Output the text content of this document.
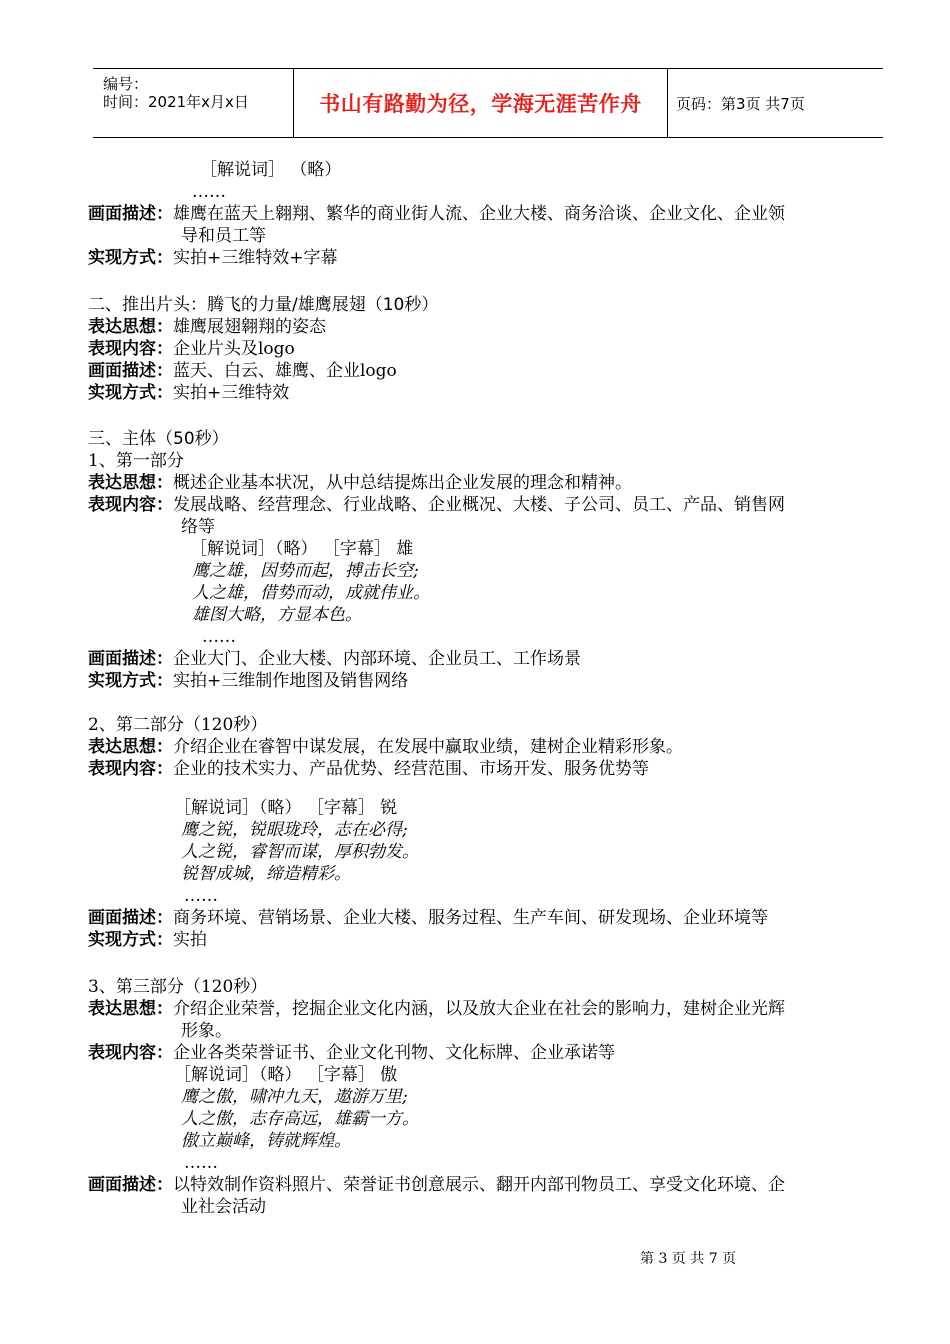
编号：
时间：2021年x月x日	书山有路勤为径，学海无涯苦作舟 页码：第3页 共7页
［解说词］ （略）
……
画面描述：雄鹰在蓝天上翱翔、繁华的商业街人流、企业大楼、商务洽谈、企业文化、企业领
导和员工等
实现方式：实拍+三维特效+字幕
二、推出片头：腾飞的力量/雄鹰展翅（10秒）
表达思想：雄鹰展翅翱翔的姿态
表现内容：企业片头及logo
画面描述：蓝天、白云、雄鹰、企业logo
实现方式：实拍+三维特效
三、主体（50秒）
1、第一部分
表达思想：概述企业基本状况，从中总结提炼出企业发展的理念和精神。
表现内容：发展战略、经营理念、行业战略、企业概况、大楼、子公司、员工、产品、销售网
络等
［解说词］（略） ［字幕］ 雄
鹰之雄，因势而起，搏击长空;
人之雄，借势而动，成就伟业。
雄图大略，方显本色。
……
画面描述：企业大门、企业大楼、内部环境、企业员工、工作场景
实现方式：实拍+三维制作地图及销售网络
2、第二部分（120秒）
表达思想：介绍企业在睿智中谋发展，在发展中赢取业绩，建树企业精彩形象。
表现内容：企业的技术实力、产品优势、经营范围、市场开发、服务优势等
［解说词］（略） ［字幕］ 锐
鹰之锐，锐眼珑玲，志在必得;
人之锐，睿智而谋，厚积勃发。
锐智成城，缔造精彩。
……
画面描述：商务环境、营销场景、企业大楼、服务过程、生产车间、研发现场、企业环境等
实现方式：实拍
3、第三部分（120秒）
表达思想：介绍企业荣誉，挖掘企业文化内涵，以及放大企业在社会的影响力，建树企业光辉
形象。
表现内容：企业各类荣誉证书、企业文化刊物、文化标牌、企业承诺等
［解说词］（略） ［字幕］ 傲
鹰之傲，啸冲九天，遨游万里;
人之傲，志存高远，雄霸一方。
傲立巅峰，铸就辉煌。
……
画面描述：以特效制作资料照片、荣誉证书创意展示、翻开内部刊物员工、享受文化环境、企
业社会活动
第 3 页 共 7 页
